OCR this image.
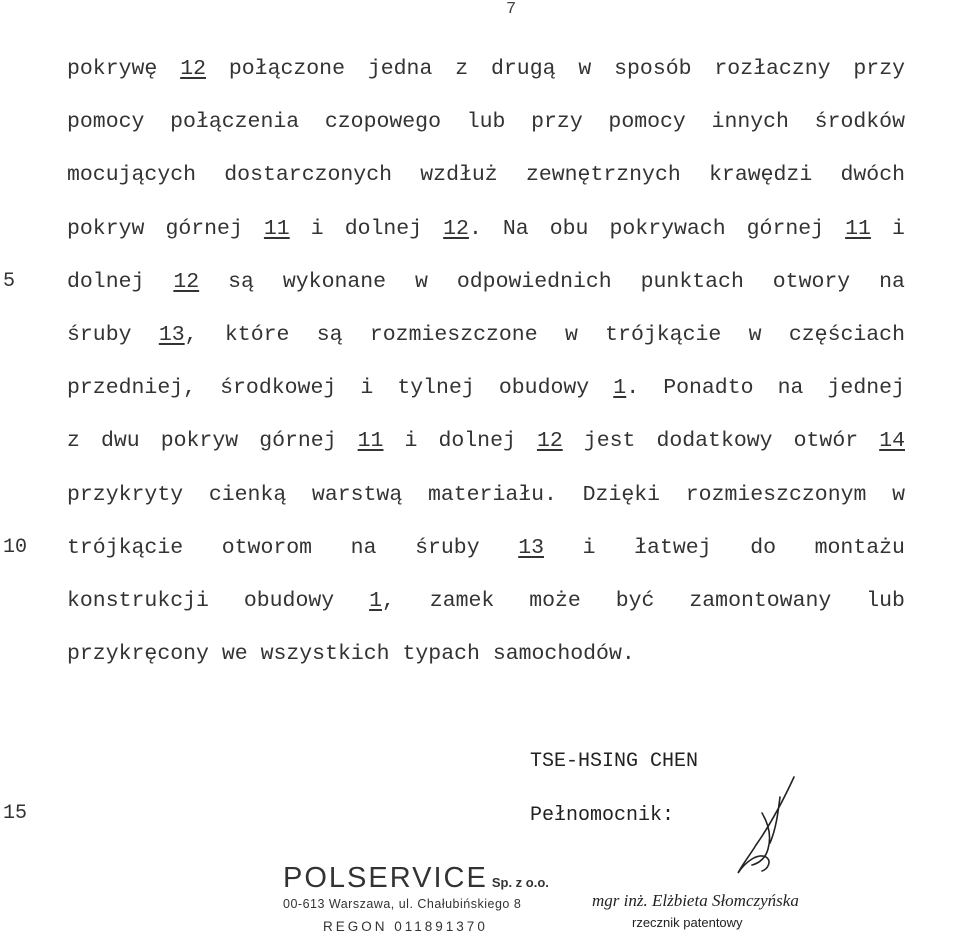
7
pokrywę 12 połączone jedna z drugą w sposób rozłaczny przy
pomocy połączenia czopowego lub przy pomocy innych środków
mocujących dostarczonych wzdłuż zewnętrznych krawędzi dwóch
pokryw górnej 11 i dolnej 12. Na obu pokrywach górnej 11 i
dolnej 12 są wykonane w odpowiednich punktach otwory na
śruby 13, które są rozmieszczone w trójkącie w częściach
przedniej, środkowej i tylnej obudowy 1. Ponadto na jednej
z dwu pokryw górnej 11 i dolnej 12 jest dodatkowy otwór 14
przykryty cienką warstwą materiału. Dzięki rozmieszczonym w
trójkącie otworom na śruby 13 i łatwej do montażu
konstrukcji obudowy 1, zamek może być zamontowany lub
przykręcony we wszystkich typach samochodów.
5
10
15
TSE-HSING CHEN
Pełnomocnik:
POLSERVICE Sp. z o.o.
00-613 Warszawa, ul. Chałubińskiego 8
REGON 011891370
mgr inż. Elżbieta Słomczyńska
rzecznik patentowy
